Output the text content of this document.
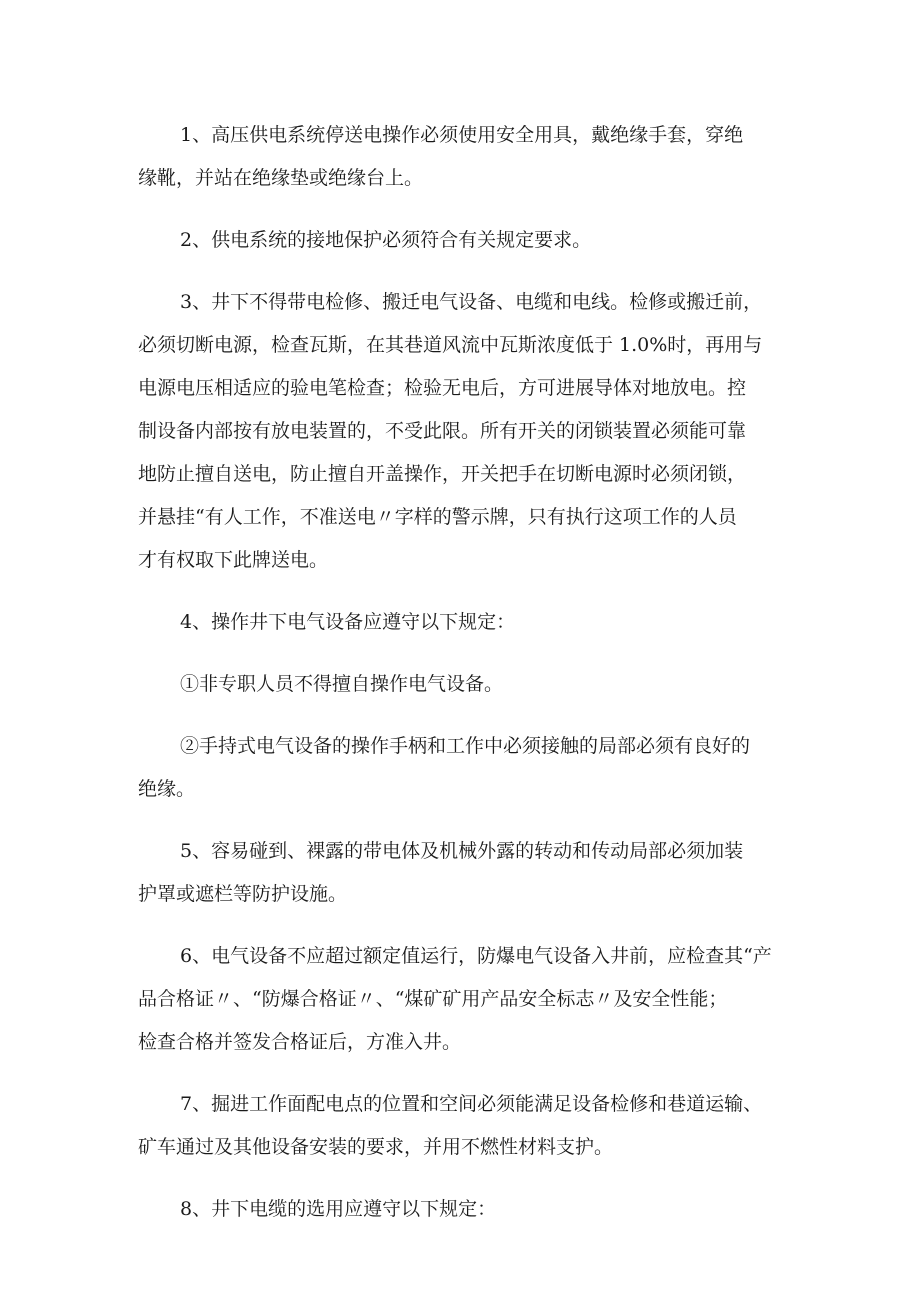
1、高压供电系统停送电操作必须使用安全用具，戴绝缘手套，穿绝
缘靴，并站在绝缘垫或绝缘台上。

2、供电系统的接地保护必须符合有关规定要求。

3、井下不得带电检修、搬迁电气设备、电缆和电线。检修或搬迁前，
必须切断电源，检查瓦斯，在其巷道风流中瓦斯浓度低于 1.0%时，再用与
电源电压相适应的验电笔检查；检验无电后，方可进展导体对地放电。控
制设备内部按有放电装置的，不受此限。所有开关的闭锁装置必须能可靠
地防止擅自送电，防止擅自开盖操作，开关把手在切断电源时必须闭锁，
并悬挂“有人工作，不准送电〃字样的警示牌，只有执行这项工作的人员
才有权取下此牌送电。

4、操作井下电气设备应遵守以下规定：

①非专职人员不得擅自操作电气设备。

②手持式电气设备的操作手柄和工作中必须接触的局部必须有良好的
绝缘。

5、容易碰到、裸露的带电体及机械外露的转动和传动局部必须加装
护罩或遮栏等防护设施。

6、电气设备不应超过额定值运行，防爆电气设备入井前，应检查其“产
品合格证〃、“防爆合格证〃、“煤矿矿用产品安全标志〃及安全性能；
检查合格并签发合格证后，方准入井。

7、掘进工作面配电点的位置和空间必须能满足设备检修和巷道运输、
矿车通过及其他设备安装的要求，并用不燃性材料支护。

8、井下电缆的选用应遵守以下规定：
